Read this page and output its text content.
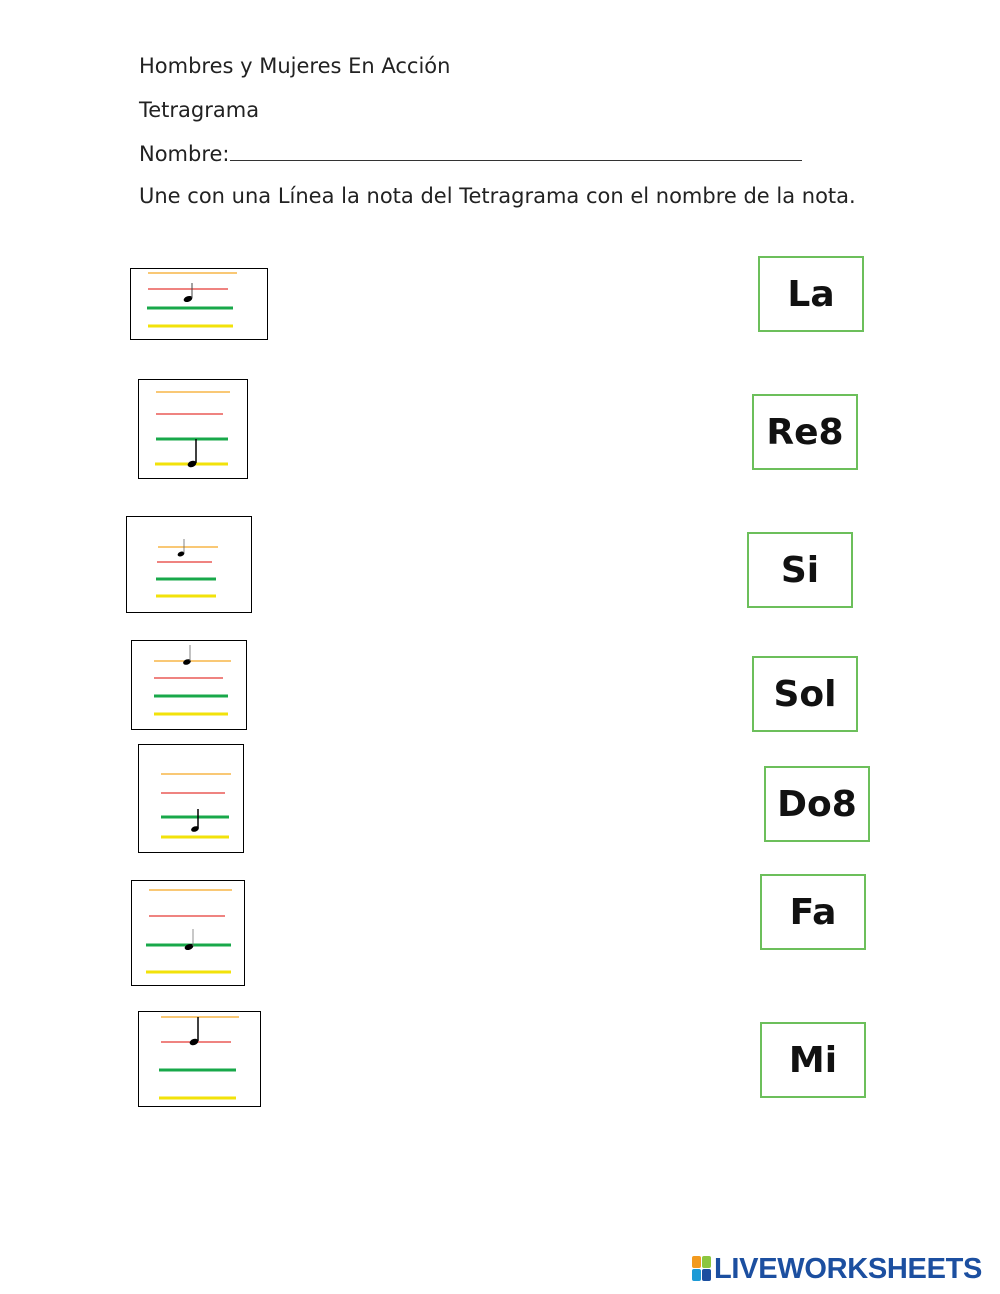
Hombres y Mujeres En Acción
Tetragrama
Nombre:
Une con una Línea la nota del Tetragrama con el nombre de la nota.
La
Re8
Si
Sol
Do8
Fa
Mi
LIVEWORKSHEETS
